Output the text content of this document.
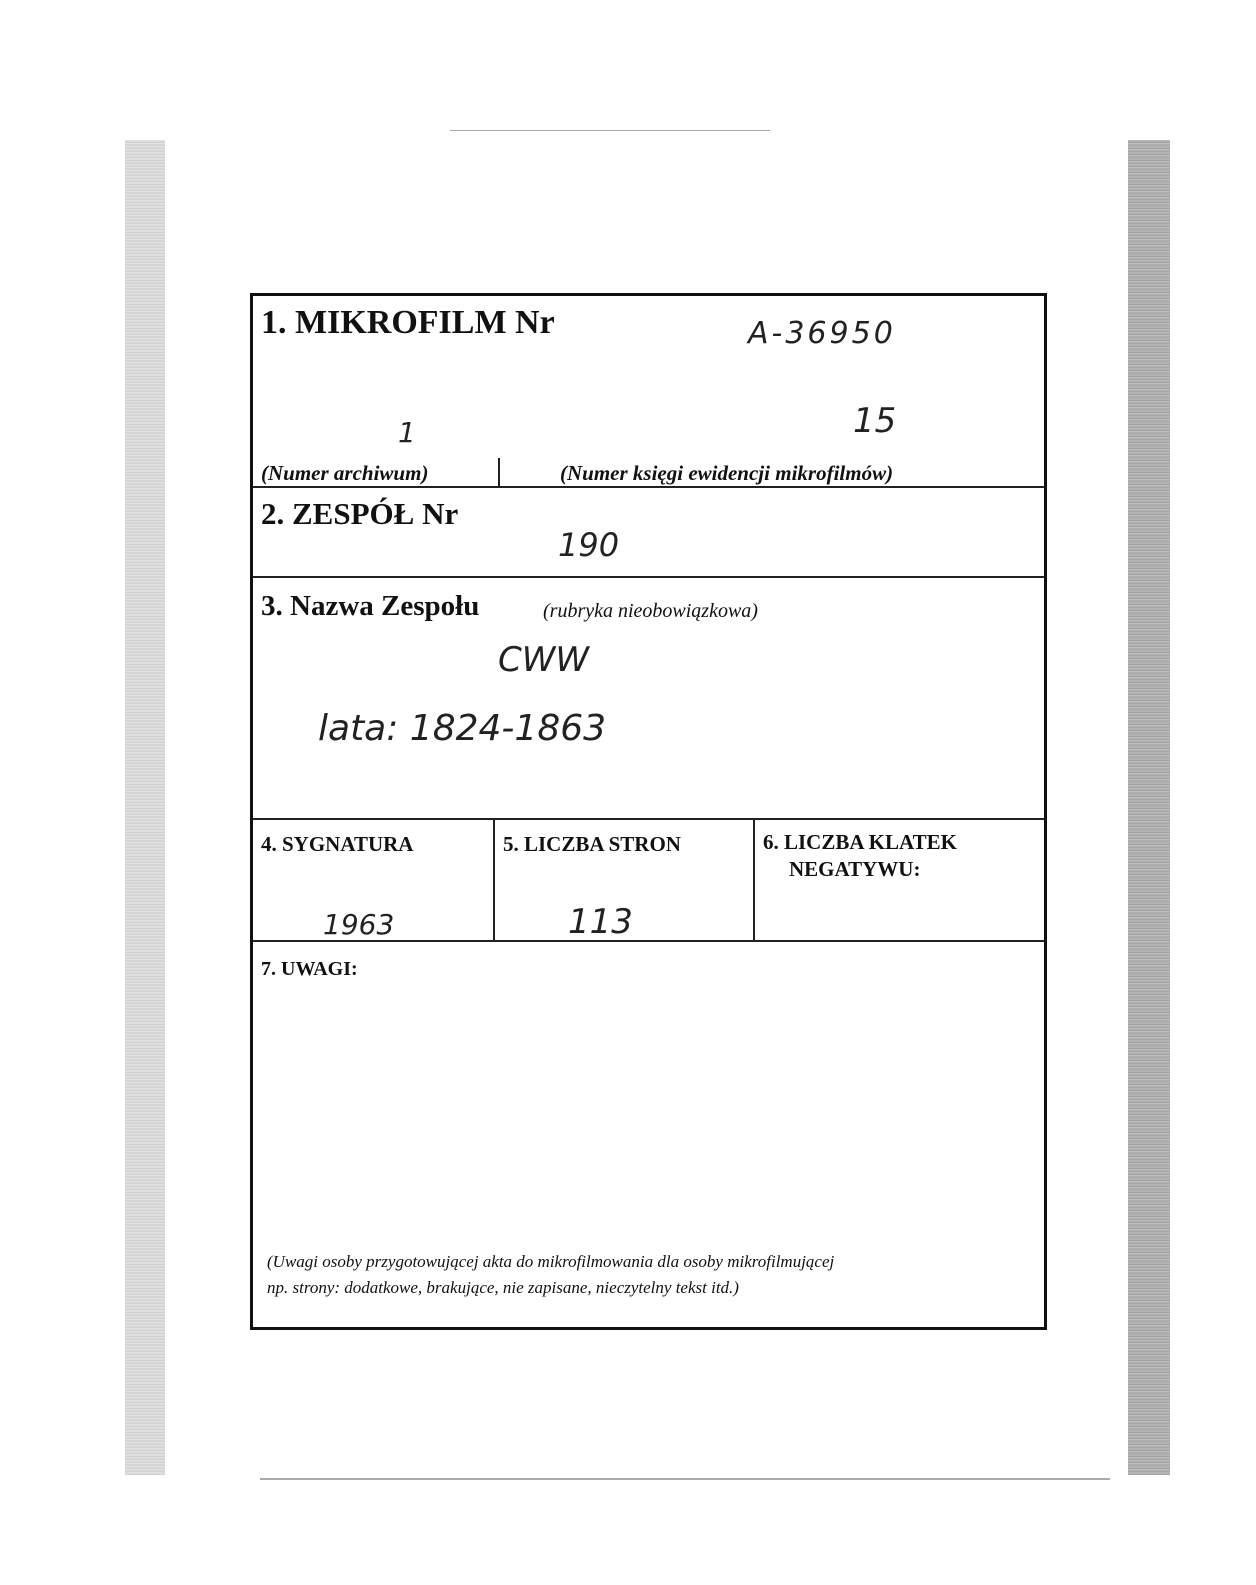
1. MIKROFILM Nr	A-36950
1	15
(Numer archiwum)	(Numer księgi ewidencji mikrofilmów)
2. ZESPÓŁ Nr
190
3. Nazwa Zespołu	(rubryka nieobowiązkowa)
CWW
lata: 1824-1863
4. SYGNATURA
1963
5. LICZBA STRON
113
6. LICZBA KLATEK
NEGATYWU:
7. UWAGI:
(Uwagi osoby przygotowującej akta do mikrofilmowania dla osoby mikrofilmującej
np. strony: dodatkowe, brakujące, nie zapisane, nieczytelny tekst itd.)
